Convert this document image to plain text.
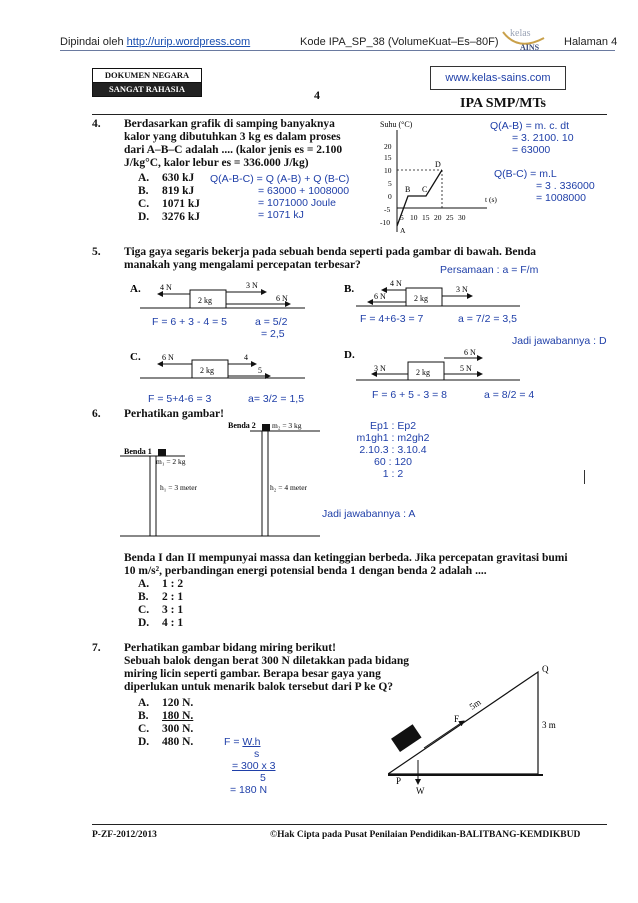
Dipindai oleh http://urip.wordpress.com	Kode IPA_SP_38 (VolumeKuat–Es–80F)
kelas
AINS Halaman 4
www.kelas-sains.com
DOKUMEN NEGARA
SANGAT RAHASIA	4
IPA SMP/MTs
4. Berdasarkan grafik di samping banyaknya
kalor yang dibutuhkan 3 kg es dalam proses
dari A–B–C adalah .... (kalor jenis es = 2.100
J/kg°C, kalor lebur es = 336.000 J/kg)
A. 630 kJ
B. 819 kJ
C. 1071 kJ
D. 3276 kJ
Suhu (°C)
t (s)
20
15
10
5
0
-5
-10
A
B C
D
5 10 15 20 25 30
Q(A-B) = m. c. dt
= 3. 2100. 10
= 63000
Q(B-C) = m.L
= 3 . 336000
= 1008000
Q(A-B-C) = Q (A-B) + Q (B-C)
= 63000 + 1008000
= 1071000 Joule
= 1071 kJ
5. Tiga gaya segaris bekerja pada sebuah benda seperti pada gambar di bawah. Benda
manakah yang mengalami percepatan terbesar?	Persamaan : a = F/m
A.
2 kg
4 N	3 N
6 N
B.
2 kg
4 N
6 N
3 N
C.
2 kg
6 N	4
5
D.
2 kg
6 N
3 N	5 N
F = 6 + 3 - 4 = 5	a = 5/2
= 2,5
F = 4+6-3 = 7	a = 7/2 = 3,5
Jadi jawabannya : D
F = 5+4-6 = 3	a= 3/2 = 1,5	F = 6 + 5 - 3 = 8	a = 8/2 = 4
6. Perhatikan gambar!
Benda 1
m₁ = 2 kg
h₁ = 3 meter
Benda 2 m₂ = 3 kg
h₂ = 4 meter
Ep1 : Ep2
m1gh1 : m2gh2
2.10.3 : 3.10.4
60 : 120
1 : 2
Jadi jawabannya : A
Benda I dan II mempunyai massa dan ketinggian berbeda. Jika percepatan gravitasi bumi
10 m/s², perbandingan energi potensial benda 1 dengan benda 2 adalah ....
A. 1 : 2
B. 2 : 1
C. 3 : 1
D. 4 : 1
7. Perhatikan gambar bidang miring berikut!
Sebuah balok dengan berat 300 N diletakkan pada bidang
miring licin seperti gambar. Berapa besar gaya yang
diperlukan untuk menarik balok tersebut dari P ke Q?
A. 120 N.
B. 180 N.
C. 300 N.
D. 480 N.
F
5m
W
P
Q
3 m
F = W.h
s
= 300 x 3
5
= 180 N
P-ZF-2012/2013	©Hak Cipta pada Pusat Penilaian Pendidikan-BALITBANG-KEMDIKBUD
